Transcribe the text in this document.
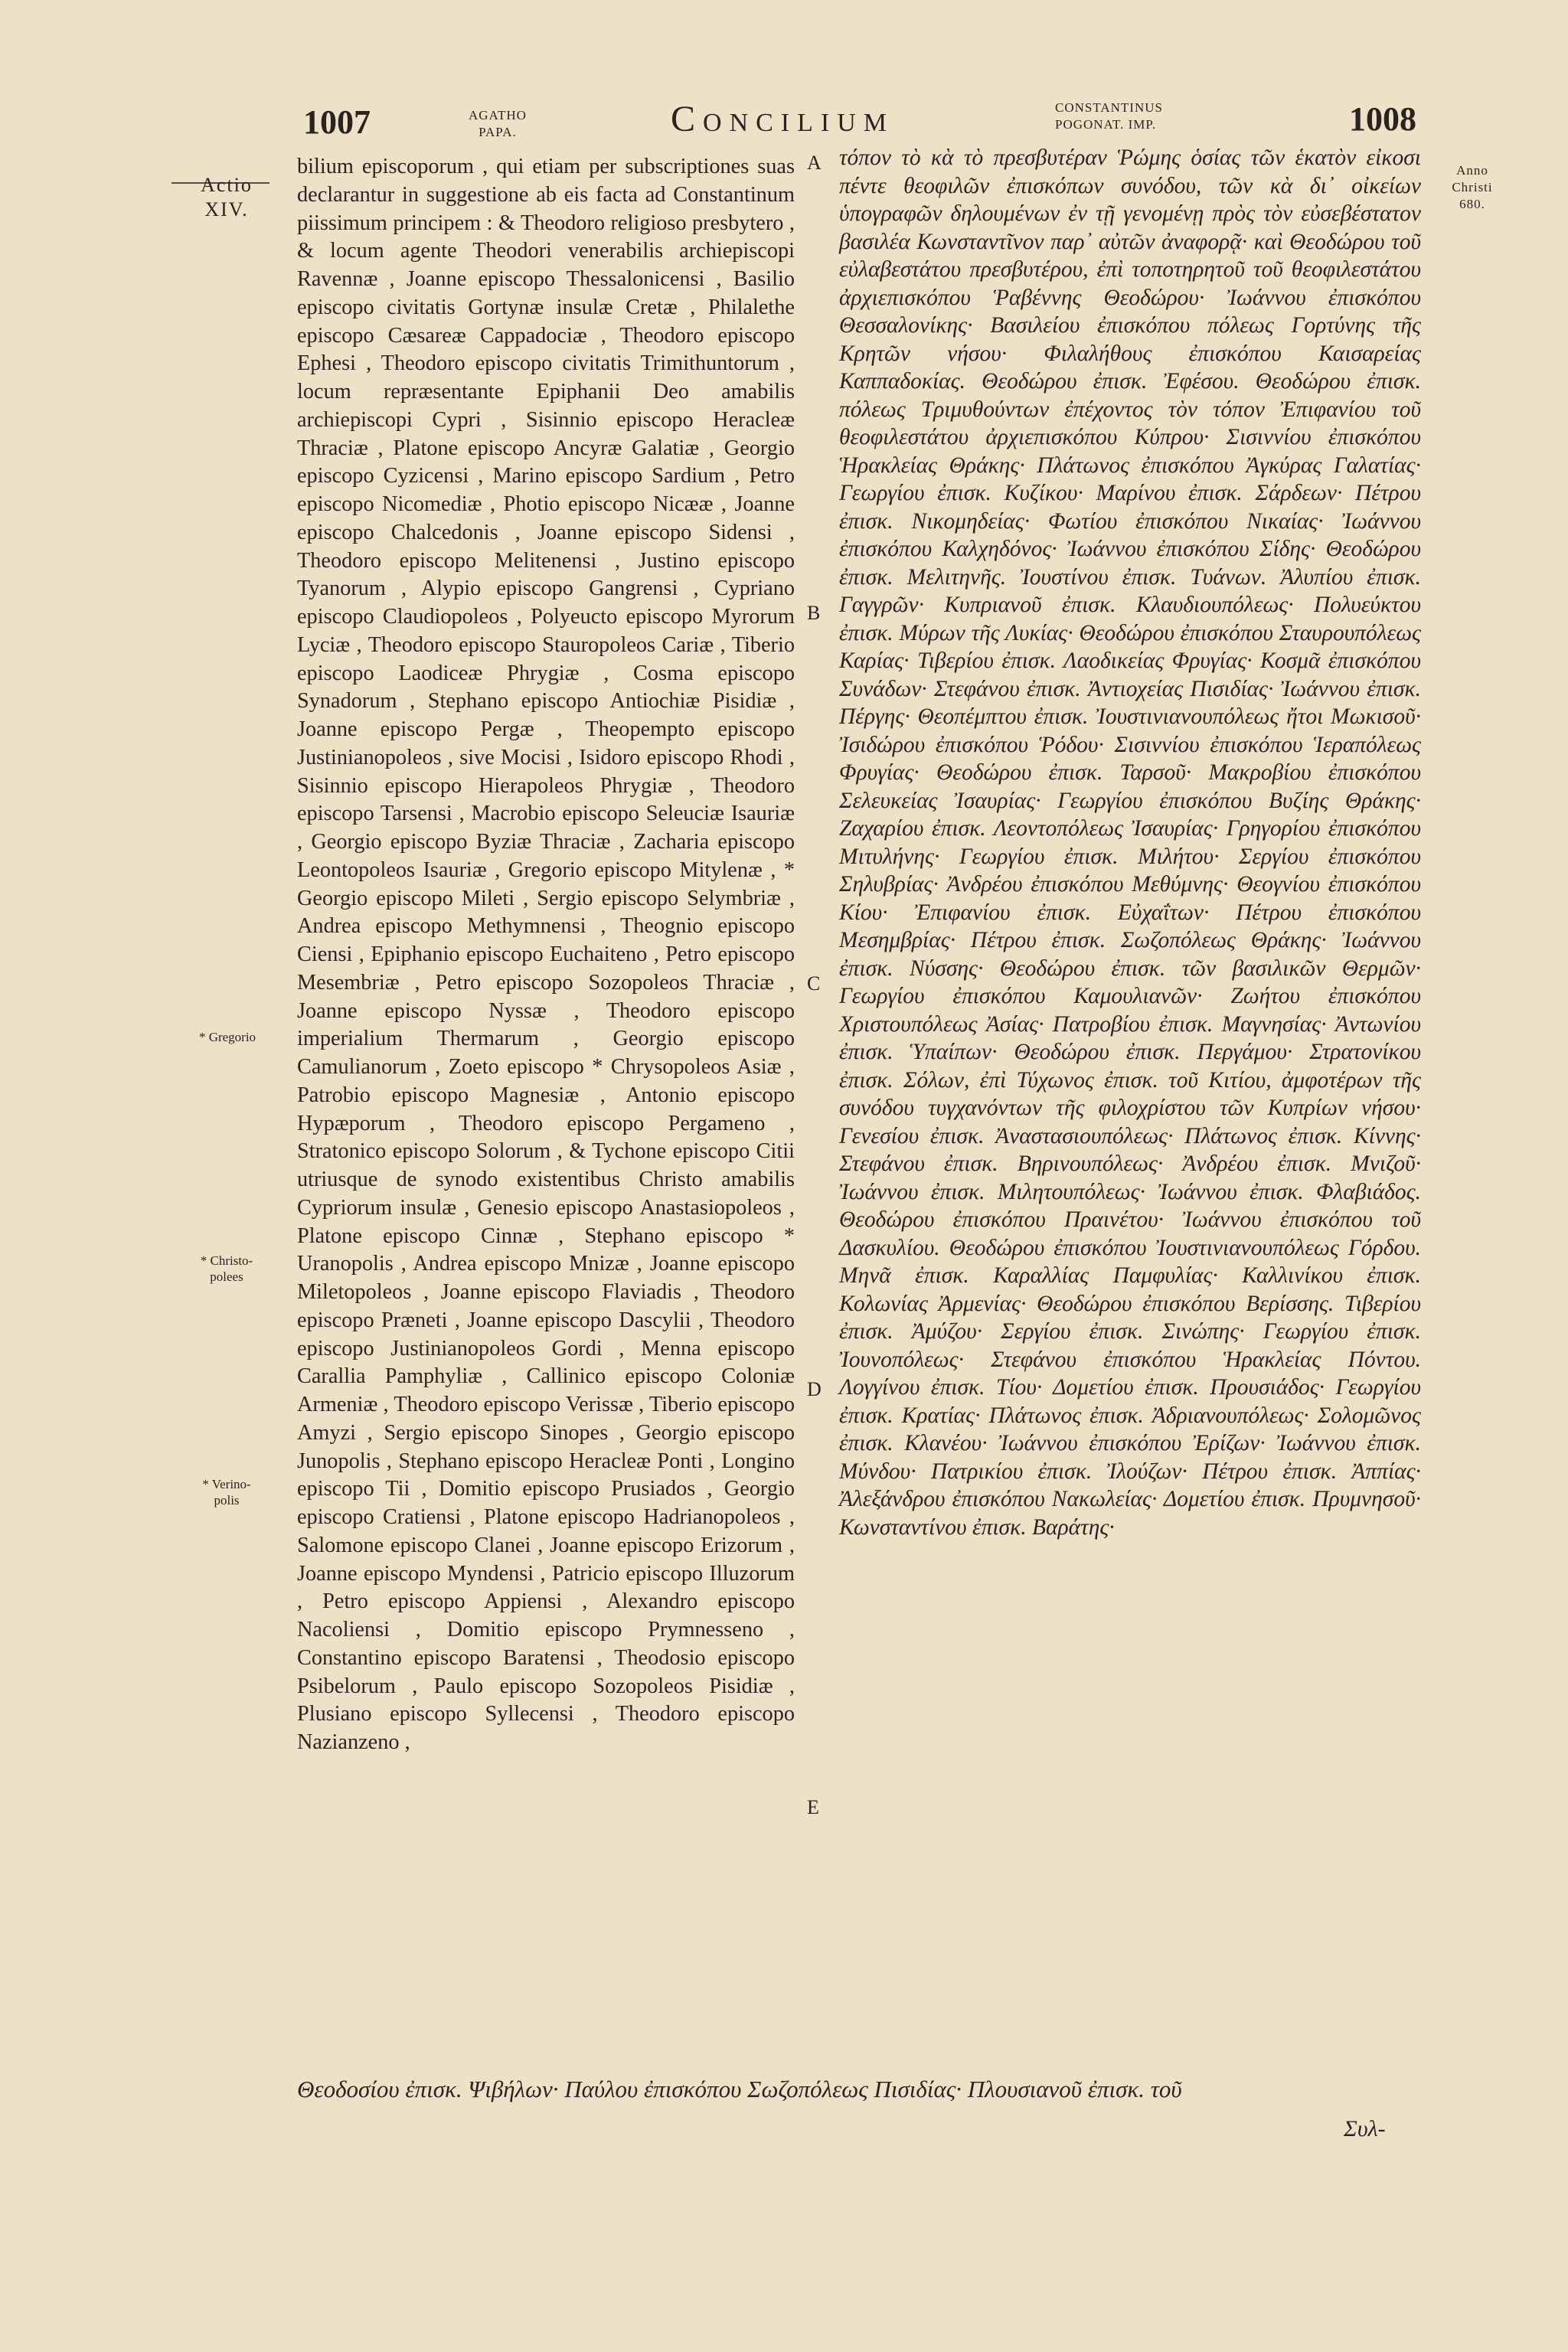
1007	AGATHO
PAPA.	Concilium	CONSTANTINUS
POGONAT. IMP.	1008
Actio
XIV.
Anno
Christi
680.
* Gregorio
* Christo-
polees
* Verino-
polis
A
B
C
D
E

bilium episcoporum , qui etiam per subscriptiones suas declarantur in suggestione ab eis facta ad Constantinum piissimum principem : & Theodoro religioso presbytero , & locum agente Theodori venerabilis archiepiscopi Ravennæ , Joanne episcopo Thessalonicensi , Basilio episcopo civitatis Gortynæ insulæ Cretæ , Philalethe episcopo Cæsareæ Cappadociæ , Theodoro episcopo Ephesi , Theodoro episcopo civitatis Trimithuntorum , locum repræsentante Epiphanii Deo amabilis archiepiscopi Cypri , Sisinnio episcopo Heracleæ Thraciæ , Platone episcopo Ancyræ Galatiæ , Georgio episcopo Cyzicensi , Marino episcopo Sardium , Petro episcopo Nicomediæ , Photio episcopo Nicææ , Joanne episcopo Chalcedonis , Joanne episcopo Sidensi , Theodoro episcopo Melitenensi , Justino episcopo Tyanorum , Alypio episcopo Gangrensi , Cypriano episcopo Claudiopoleos , Polyeucto episcopo Myrorum Lyciæ , Theodoro episcopo Stauropoleos Cariæ , Tiberio episcopo Laodiceæ Phrygiæ , Cosma episcopo Synadorum , Stephano episcopo Antiochiæ Pisidiæ , Joanne episcopo Pergæ , Theopempto episcopo Justinianopoleos , sive Mocisi , Isidoro episcopo Rhodi , Sisinnio episcopo Hierapoleos Phrygiæ , Theodoro episcopo Tarsensi , Macrobio episcopo Seleuciæ Isauriæ , Georgio episcopo Byziæ Thraciæ , Zacharia episcopo Leontopoleos Isauriæ , Gregorio episcopo Mitylenæ , * Georgio episcopo Mileti , Sergio episcopo Selymbriæ , Andrea episcopo Methymnensi , Theognio episcopo Ciensi , Epiphanio episcopo Euchaiteno , Petro episcopo Mesembriæ , Petro episcopo Sozopoleos Thraciæ , Joanne episcopo Nyssæ , Theodoro episcopo imperialium Thermarum , Georgio episcopo Camulianorum , Zoeto episcopo * Chrysopoleos Asiæ , Patrobio episcopo Magnesiæ , Antonio episcopo Hypæporum , Theodoro episcopo Pergameno , Stratonico episcopo Solorum , & Tychone episcopo Citii utriusque de synodo existentibus Christo amabilis Cypriorum insulæ , Genesio episcopo Anastasiopoleos , Platone episcopo Cinnæ , Stephano episcopo * Uranopolis , Andrea episcopo Mnizæ , Joanne episcopo Miletopoleos , Joanne episcopo Flaviadis , Theodoro episcopo Præneti , Joanne episcopo Dascylii , Theodoro episcopo Justinianopoleos Gordi , Menna episcopo Carallia Pamphyliæ , Callinico episcopo Coloniæ Armeniæ , Theodoro episcopo Verissæ , Tiberio episcopo Amyzi , Sergio episcopo Sinopes , Georgio episcopo Junopolis , Stephano episcopo Heracleæ Ponti , Longino episcopo Tii , Domitio episcopo Prusiados , Georgio episcopo Cratiensi , Platone episcopo Hadrianopoleos , Salomone episcopo Clanei , Joanne episcopo Erizorum , Joanne episcopo Myndensi , Patricio episcopo Illuzorum , Petro episcopo Appiensi , Alexandro episcopo Nacoliensi , Domitio episcopo Prymnesseno , Constantino episcopo Baratensi , Theodosio episcopo Psibelorum , Paulo episcopo Sozopoleos Pisidiæ , Plusiano episcopo Syllecensi , Theodoro episcopo Nazianzeno ,

τόπον τὸ κὰ τὸ πρεσβυτέραν Ῥώμης ὁσίας τῶν ἑκατὸν εἰκοσι πέντε θεοφιλῶν ἐπισκόπων συνόδου, τῶν κὰ δι᾽ οἰκείων ὑπογραφῶν δηλουμένων ἐν τῇ γενομένῃ πρὸς τὸν εὐσεβέστατον βασιλέα Κωνσταντῖνον παρ᾽ αὐτῶν ἀναφορᾷ· καὶ Θεοδώρου τοῦ εὐλαβεστάτου πρεσβυτέρου, ἐπὶ τοποτηρητοῦ τοῦ θεοφιλεστάτου ἀρχιεπισκόπου Ῥαβέννης Θεοδώρου· Ἰωάννου ἐπισκόπου Θεσσαλονίκης· Βασιλείου ἐπισκόπου πόλεως Γορτύνης τῆς Κρητῶν νήσου· Φιλαλήθους ἐπισκόπου Καισαρείας Καππαδοκίας. Θεοδώρου ἐπισκ. Ἐφέσου. Θεοδώρου ἐπισκ. πόλεως Τριμυθούντων ἐπέχοντος τὸν τόπον Ἐπιφανίου τοῦ θεοφιλεστάτου ἀρχιεπισκόπου Κύπρου· Σισιννίου ἐπισκόπου Ἡρακλείας Θράκης· Πλάτωνος ἐπισκόπου Ἀγκύρας Γαλατίας· Γεωργίου ἐπισκ. Κυζίκου· Μαρίνου ἐπισκ. Σάρδεων· Πέτρου ἐπισκ. Νικομηδείας· Φωτίου ἐπισκόπου Νικαίας· Ἰωάννου ἐπισκόπου Καλχηδόνος· Ἰωάννου ἐπισκόπου Σίδης· Θεοδώρου ἐπισκ. Μελιτηνῆς. Ἰουστίνου ἐπισκ. Τυάνων. Ἀλυπίου ἐπισκ. Γαγγρῶν· Κυπριανοῦ ἐπισκ. Κλαυδιουπόλεως· Πολυεύκτου ἐπισκ. Μύρων τῆς Λυκίας· Θεοδώρου ἐπισκόπου Σταυρουπόλεως Καρίας· Τιβερίου ἐπισκ. Λαοδικείας Φρυγίας· Κοσμᾶ ἐπισκόπου Συνάδων· Στεφάνου ἐπισκ. Ἀντιοχείας Πισιδίας· Ἰωάννου ἐπισκ. Πέργης· Θεοπέμπτου ἐπισκ. Ἰουστινιανουπόλεως ἤτοι Μωκισοῦ· Ἰσιδώρου ἐπισκόπου Ῥόδου· Σισιννίου ἐπισκόπου Ἱεραπόλεως Φρυγίας· Θεοδώρου ἐπισκ. Ταρσοῦ· Μακροβίου ἐπισκόπου Σελευκείας Ἰσαυρίας· Γεωργίου ἐπισκόπου Βυζίης Θράκης· Ζαχαρίου ἐπισκ. Λεοντοπόλεως Ἰσαυρίας· Γρηγορίου ἐπισκόπου Μιτυλήνης· Γεωργίου ἐπισκ. Μιλήτου· Σεργίου ἐπισκόπου Σηλυβρίας· Ἀνδρέου ἐπισκόπου Μεθύμνης· Θεογνίου ἐπισκόπου Κίου· Ἐπιφανίου ἐπισκ. Εὐχαΐτων· Πέτρου ἐπισκόπου Μεσημβρίας· Πέτρου ἐπισκ. Σωζοπόλεως Θράκης· Ἰωάννου ἐπισκ. Νύσσης· Θεοδώρου ἐπισκ. τῶν βασιλικῶν Θερμῶν· Γεωργίου ἐπισκόπου Καμουλιανῶν· Ζωήτου ἐπισκόπου Χριστουπόλεως Ἀσίας· Πατροβίου ἐπισκ. Μαγνησίας· Ἀντωνίου ἐπισκ. Ὑπαίπων· Θεοδώρου ἐπισκ. Περγάμου· Στρατονίκου ἐπισκ. Σόλων, ἐπὶ Τύχωνος ἐπισκ. τοῦ Κιτίου, ἀμφοτέρων τῆς συνόδου τυγχανόντων τῆς φιλοχρίστου τῶν Κυπρίων νήσου· Γενεσίου ἐπισκ. Ἀναστασιουπόλεως· Πλάτωνος ἐπισκ. Κίννης· Στεφάνου ἐπισκ. Βηρινουπόλεως· Ἀνδρέου ἐπισκ. Μνιζοῦ· Ἰωάννου ἐπισκ. Μιλητουπόλεως· Ἰωάννου ἐπισκ. Φλαβιάδος. Θεοδώρου ἐπισκόπου Πραινέτου· Ἰωάννου ἐπισκόπου τοῦ Δασκυλίου. Θεοδώρου ἐπισκόπου Ἰουστινιανουπόλεως Γόρδου. Μηνᾶ ἐπισκ. Καραλλίας Παμφυλίας· Καλλινίκου ἐπισκ. Κολωνίας Ἀρμενίας· Θεοδώρου ἐπισκόπου Βερίσσης. Τιβερίου ἐπισκ. Ἀμύζου· Σεργίου ἐπισκ. Σινώπης· Γεωργίου ἐπισκ. Ἰουνοπόλεως· Στεφάνου ἐπισκόπου Ἡρακλείας Πόντου. Λογγίνου ἐπισκ. Τίου· Δομετίου ἐπισκ. Προυσιάδος· Γεωργίου ἐπισκ. Κρατίας· Πλάτωνος ἐπισκ. Ἀδριανουπόλεως· Σολομῶνος ἐπισκ. Κλανέου· Ἰωάννου ἐπισκόπου Ἐρίζων· Ἰωάννου ἐπισκ. Μύνδου· Πατρικίου ἐπισκ. Ἰλούζων· Πέτρου ἐπισκ. Ἀππίας· Ἀλεξάνδρου ἐπισκόπου Νακωλείας· Δομετίου ἐπισκ. Πρυμνησοῦ· Κωνσταντίνου ἐπισκ. Βαράτης·

Θεοδοσίου ἐπισκ. Ψιβήλων· Παύλου ἐπισκόπου Σωζοπόλεως Πισιδίας· Πλουσιανοῦ ἐπισκ. τοῦ
Συλ-
